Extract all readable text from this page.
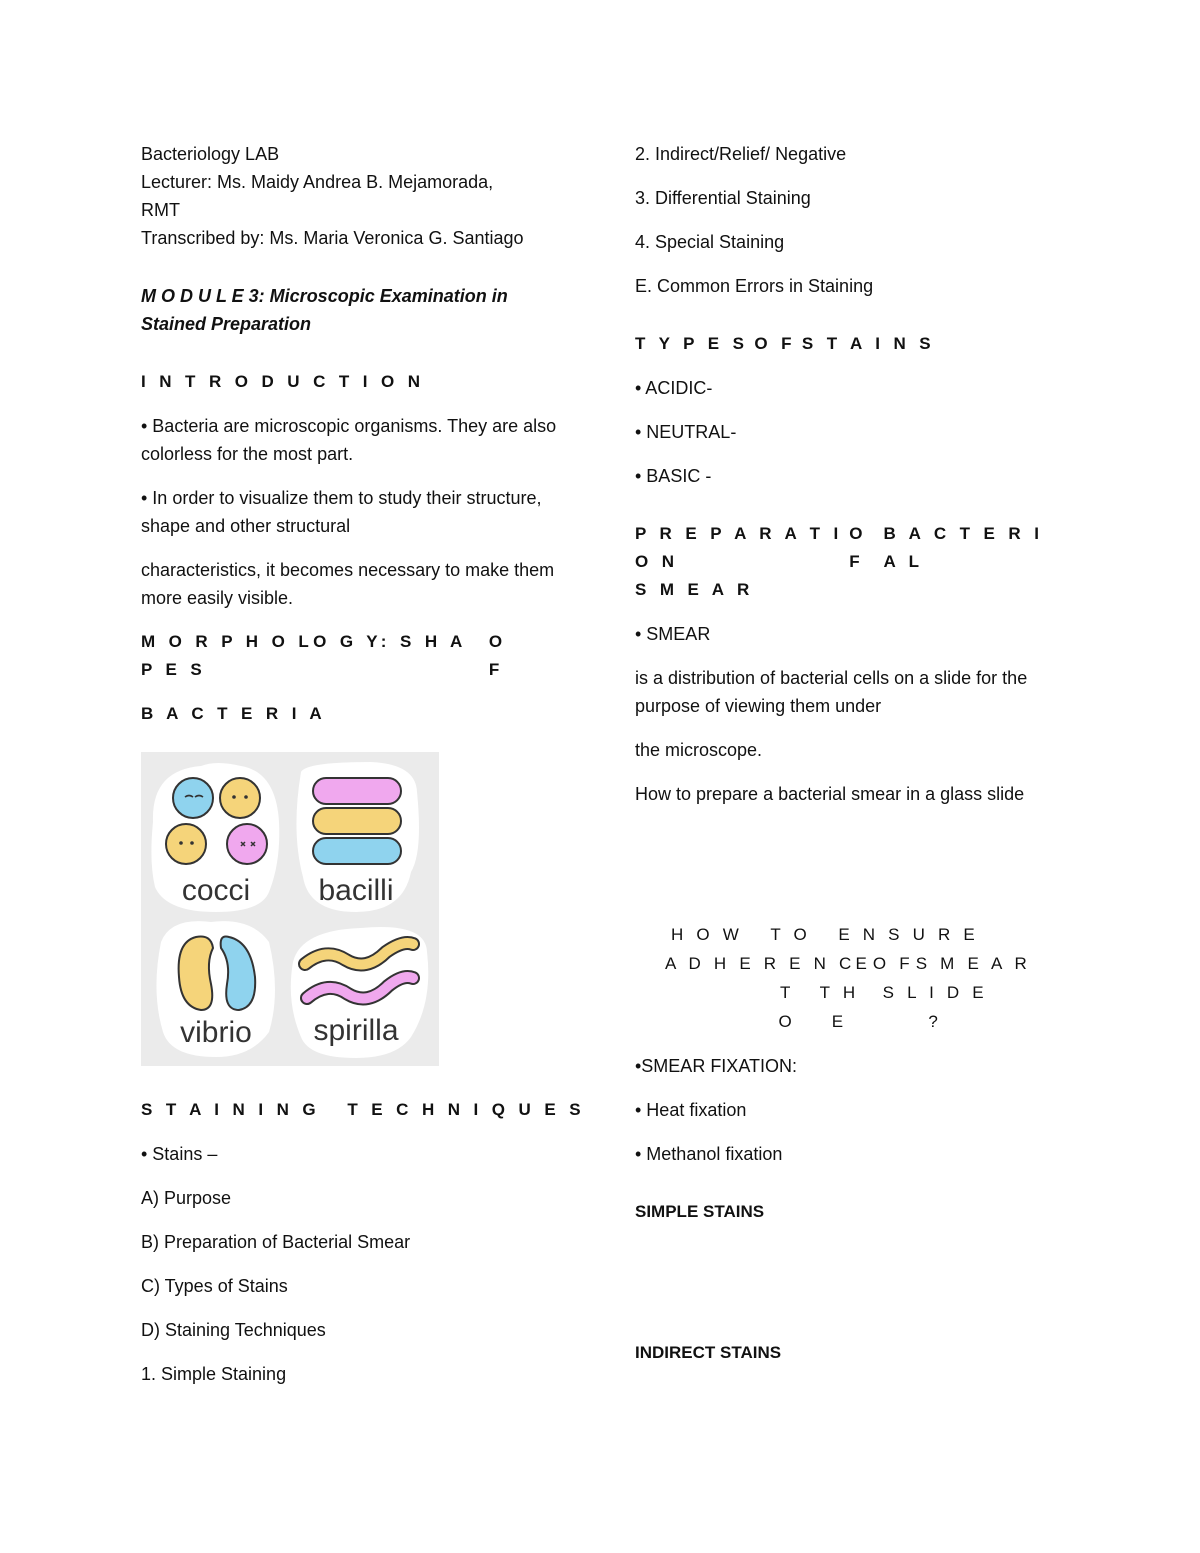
Bacteriology LAB

Lecturer: Ms. Maidy Andrea B. Mejamorada,

RMT

Transcribed by: Ms. Maria Veronica G. Santiago

M O D U L E 3: Microscopic Examination in

Stained Preparation

I N T R O D U C T I O N

• Bacteria are microscopic organisms. They are also colorless for the most part.

• In order to visualize them to study their structure, shape and other structural

characteristics, it becomes necessary to make them more easily visible.

M O R P H O LO G Y: S H A P E S

O F

B A C T E R I A

cocci bacilli
vibrio spirilla

S T A I N I N G   T E C H N I Q U E S

• Stains –

A) Purpose

B) Preparation of Bacterial Smear

C) Types of Stains

D) Staining Techniques

1. Simple Staining

2. Indirect/Relief/ Negative

3. Differential Staining

4. Special Staining

E. Common Errors in Staining

T Y P E S O F S T A I N S

• ACIDIC-

• NEUTRAL-

• BASIC -

P R E P A R A T I O N

O F

B A C T E R I A L

S M E A R

• SMEAR

is a distribution of bacterial cells on a slide for the purpose of viewing them under

the microscope.

How to prepare a bacterial smear in a glass slide

H O W T O E N S U R E
A D H E R E N CE O F S M E A R
T O
T H E
S L I D E ?

•SMEAR FIXATION:

• Heat fixation

• Methanol fixation

SIMPLE STAINS

INDIRECT STAINS
